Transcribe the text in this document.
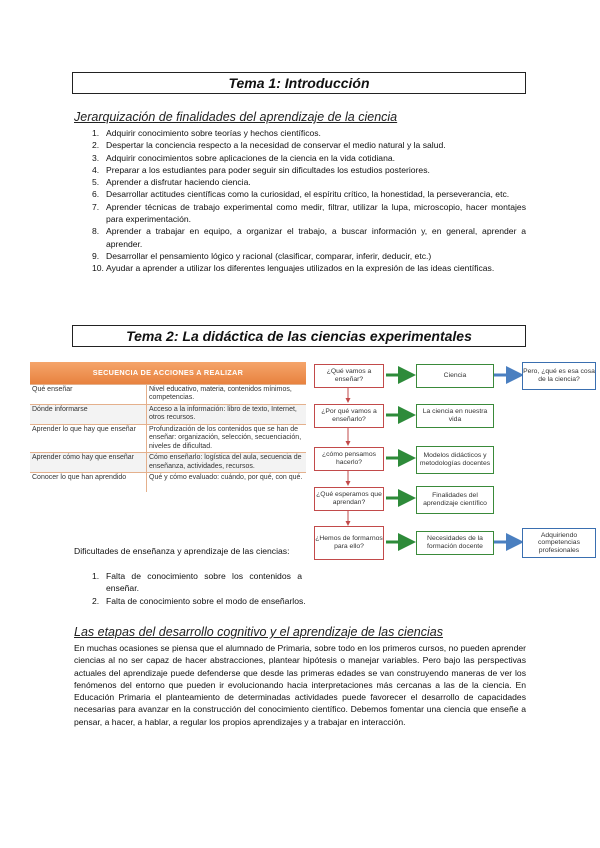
Tema 1: Introducción
Jerarquización de finalidades del aprendizaje de la ciencia
1. Adquirir conocimiento sobre teorías y hechos científicos.
2. Despertar la conciencia respecto a la necesidad de conservar el medio natural y la salud.
3. Adquirir conocimientos sobre aplicaciones de la ciencia en la vida cotidiana.
4. Preparar a los estudiantes para poder seguir sin dificultades los estudios posteriores.
5. Aprender a disfrutar haciendo ciencia.
6. Desarrollar actitudes científicas como la curiosidad, el espíritu crítico, la honestidad, la perseverancia, etc.
7. Aprender técnicas de trabajo experimental como medir, filtrar, utilizar la lupa, microscopio, hacer montajes para experimentación.
8. Aprender a trabajar en equipo, a organizar el trabajo, a buscar información y, en general, aprender a aprender.
9. Desarrollar el pensamiento lógico y racional (clasificar, comparar, inferir, deducir, etc.)
10. Ayudar a aprender a utilizar los diferentes lenguajes utilizados en la expresión de las ideas científicas.
Tema 2: La didáctica de las ciencias experimentales
SECUENCIA DE ACCIONES A REALIZAR	
Qué enseñar	Nivel educativo, materia, contenidos mínimos, competencias.
Dónde informarse	Acceso a la información: libro de texto, Internet, otros recursos.
Aprender lo que hay que enseñar	Profundización de los contenidos que se han de enseñar: organización, selección, secuenciación, niveles de dificultad.
Aprender cómo hay que enseñar	Cómo enseñarlo: logística del aula, secuencia de enseñanza, actividades, recursos.
Conocer lo que han aprendido	Qué y cómo evaluado: cuándo, por qué, con qué.
¿Qué vamos a enseñar?
¿Por qué vamos a enseñarlo?
¿cómo pensamos hacerlo?
¿Qué esperamos que aprendan?
¿Hemos de formarnos para ello?
Ciencia
La ciencia en nuestra vida
Modelos didácticos y metodologías docentes
Finalidades del aprendizaje científico
Necesidades de la formación docente
Pero, ¿qué es esa cosa de la ciencia?
Adquiriendo competencias profesionales
Dificultades de enseñanza y aprendizaje de las ciencias:
1. Falta de conocimiento sobre los contenidos a enseñar.
2. Falta de conocimiento sobre el modo de enseñarlos.
Las etapas del desarrollo cognitivo y el aprendizaje de las ciencias
En muchas ocasiones se piensa que el alumnado de Primaria, sobre todo en los primeros cursos, no pueden aprender ciencias al no ser capaz de hacer abstracciones, plantear hipótesis o manejar variables. Pero bajo las perspectivas actuales del aprendizaje puede defenderse que desde las primeras edades se van construyendo maneras de ver los fenómenos del entorno que pueden ir evolucionando hacia interpretaciones más cercanas a las de la ciencia. En Educación Primaria el planteamiento de determinadas actividades puede favorecer el desarrollo de capacidades necesarias para avanzar en la construcción del conocimiento científico. Debemos fomentar una ciencia que enseñe a pensar, a hacer, a hablar, a regular los propios aprendizajes y a trabajar en interacción.
